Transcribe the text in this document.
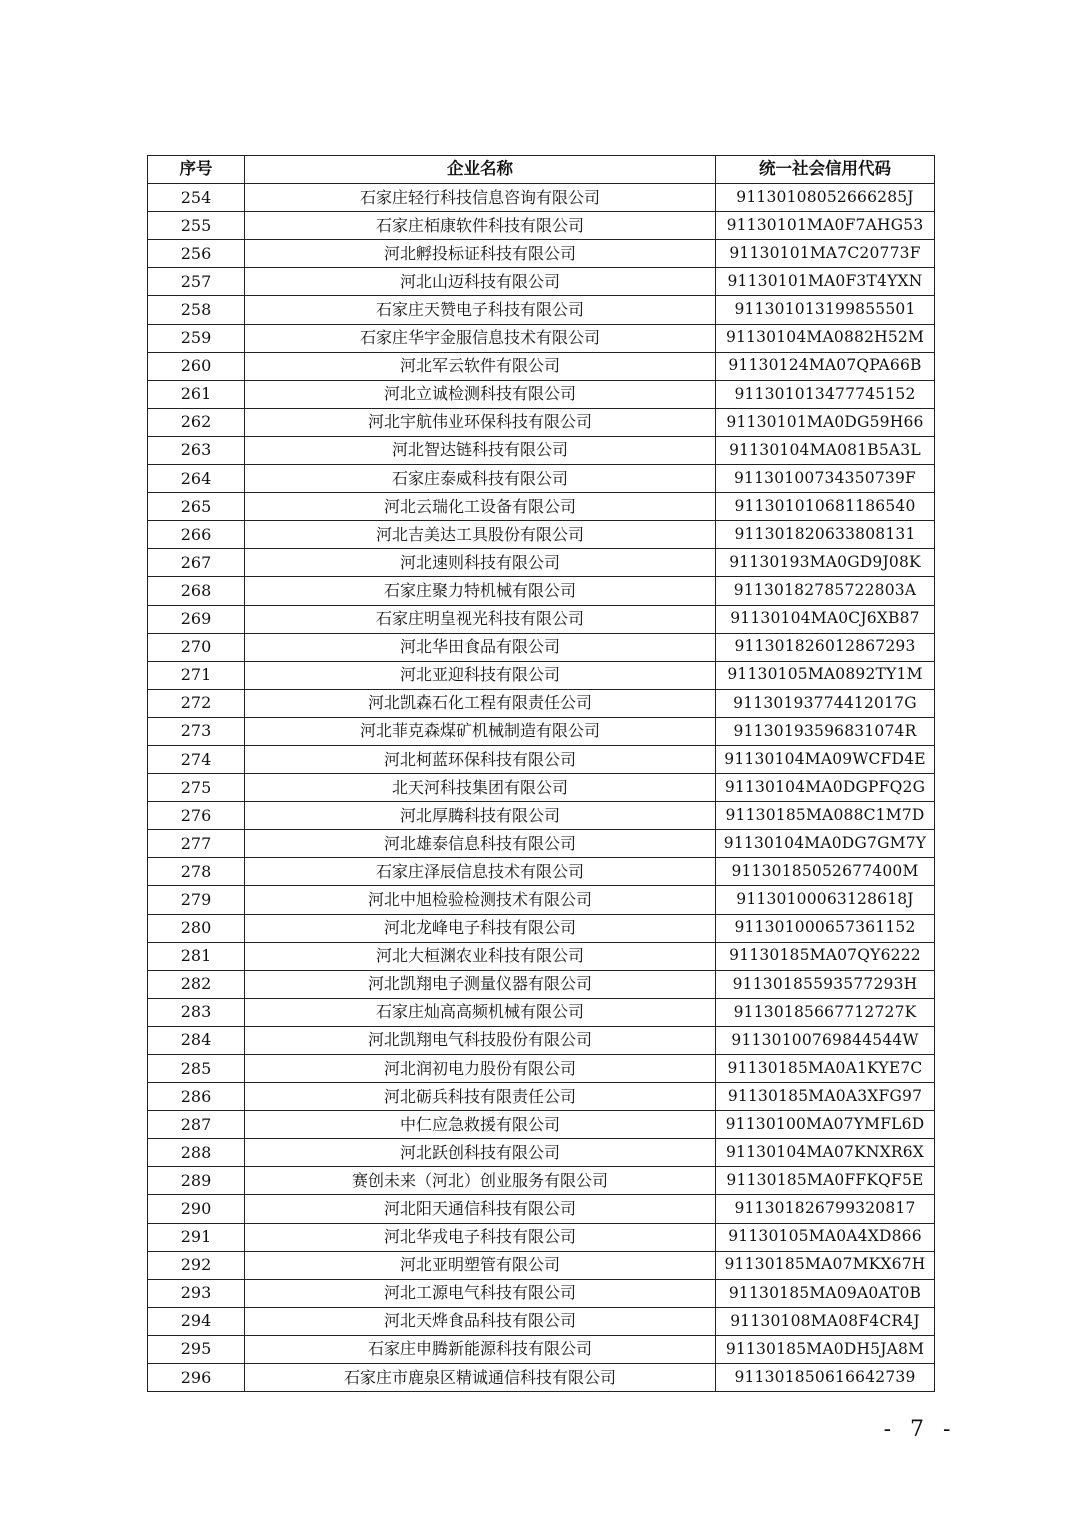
序号	企业名称	统一社会信用代码
254	石家庄轻行科技信息咨询有限公司	91130108052666285J
255	石家庄栢康软件科技有限公司	91130101MA0F7AHG53
256	河北孵投标证科技有限公司	91130101MA7C20773F
257	河北山迈科技有限公司	91130101MA0F3T4YXN
258	石家庄天赞电子科技有限公司	911301013199855501
259	石家庄华宇金服信息技术有限公司	91130104MA0882H52M
260	河北军云软件有限公司	91130124MA07QPA66B
261	河北立诚检测科技有限公司	911301013477745152
262	河北宇航伟业环保科技有限公司	91130101MA0DG59H66
263	河北智达链科技有限公司	91130104MA081B5A3L
264	石家庄泰威科技有限公司	91130100734350739F
265	河北云瑞化工设备有限公司	911301010681186540
266	河北吉美达工具股份有限公司	911301820633808131
267	河北速则科技有限公司	91130193MA0GD9J08K
268	石家庄聚力特机械有限公司	91130182785722803A
269	石家庄明皇视光科技有限公司	91130104MA0CJ6XB87
270	河北华田食品有限公司	911301826012867293
271	河北亚迎科技有限公司	91130105MA0892TY1M
272	河北凯森石化工程有限责任公司	91130193774412017G
273	河北菲克森煤矿机械制造有限公司	91130193596831074R
274	河北柯蓝环保科技有限公司	91130104MA09WCFD4E
275	北天河科技集团有限公司	91130104MA0DGPFQ2G
276	河北厚腾科技有限公司	91130185MA088C1M7D
277	河北雄泰信息科技有限公司	91130104MA0DG7GM7Y
278	石家庄泽辰信息技术有限公司	91130185052677400M
279	河北中旭检验检测技术有限公司	91130100063128618J
280	河北龙峰电子科技有限公司	911301000657361152
281	河北大桓渊农业科技有限公司	91130185MA07QY6222
282	河北凯翔电子测量仪器有限公司	91130185593577293H
283	石家庄灿高高频机械有限公司	91130185667712727K
284	河北凯翔电气科技股份有限公司	91130100769844544W
285	河北润初电力股份有限公司	91130185MA0A1KYE7C
286	河北砺兵科技有限责任公司	91130185MA0A3XFG97
287	中仁应急救援有限公司	91130100MA07YMFL6D
288	河北跃创科技有限公司	91130104MA07KNXR6X
289	赛创未来（河北）创业服务有限公司	91130185MA0FFKQF5E
290	河北阳天通信科技有限公司	911301826799320817
291	河北华戎电子科技有限公司	91130105MA0A4XD866
292	河北亚明塑管有限公司	91130185MA07MKX67H
293	河北工源电气科技有限公司	91130185MA09A0AT0B
294	河北天烨食品科技有限公司	91130108MA08F4CR4J
295	石家庄申腾新能源科技有限公司	91130185MA0DH5JA8M
296	石家庄市鹿泉区精诚通信科技有限公司	911301850616642739
- 7 -
